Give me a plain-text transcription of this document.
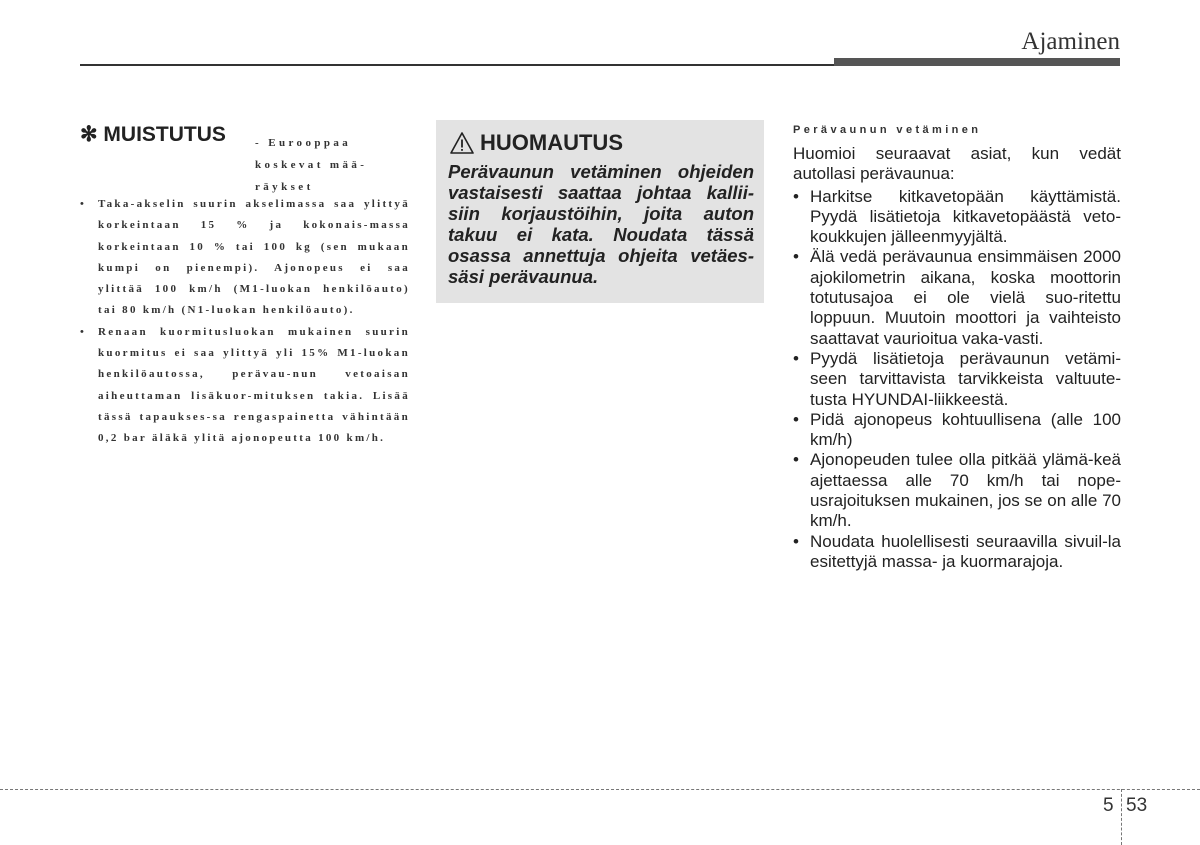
Ajaminen
✻ MUISTUTUS	- Eurooppaa koskevat mää-räykset
• Taka-akselin suurin akselimassa saa ylittyä korkeintaan 15 % ja kokonais-massa korkeintaan 10 % tai 100 kg (sen mukaan kumpi on pienempi). Ajonopeus ei saa ylittää 100 km/h (M1-luokan henkilöauto) tai 80 km/h (N1-luokan henkilöauto).
• Renaan kuormitusluokan mukainen suurin kuormitus ei saa ylittyä yli 15% M1-luokan henkilöautossa, perävau-nun vetoaisan aiheuttaman lisäkuor-mituksen takia. Lisää tässä tapaukses-sa rengaspainetta vähintään 0,2 bar äläkä ylitä ajonopeutta 100 km/h.
HUOMAUTUS
Perävaunun vetäminen ohjeiden vastaisesti saattaa johtaa kallii-siin korjaustöihin, joita auton takuu ei kata. Noudata tässä osassa annettuja ohjeita vetäes-säsi perävaunua.
Perävaunun vetäminen
Huomioi seuraavat asiat, kun vedät autollasi perävaunua:
• Harkitse kitkavetopään käyttämistä. Pyydä lisätietoja kitkavetopäästä veto-koukkujen jälleenmyyjältä.
• Älä vedä perävaunua ensimmäisen 2000 ajokilometrin aikana, koska moottorin totutusajoa ei ole vielä suo-ritettu loppuun. Muutoin moottori ja vaihteisto saattavat vaurioitua vaka-vasti.
• Pyydä lisätietoja perävaunun vetämi-seen tarvittavista tarvikkeista valtuute-tusta HYUNDAI-liikkeestä.
• Pidä ajonopeus kohtuullisena (alle 100 km/h)
• Ajonopeuden tulee olla pitkää ylämä-keä ajettaessa alle 70 km/h tai nope-usrajoituksen mukainen, jos se on alle 70 km/h.
• Noudata huolellisesti seuraavilla sivuil-la esitettyjä massa- ja kuormarajoja.
5 53
